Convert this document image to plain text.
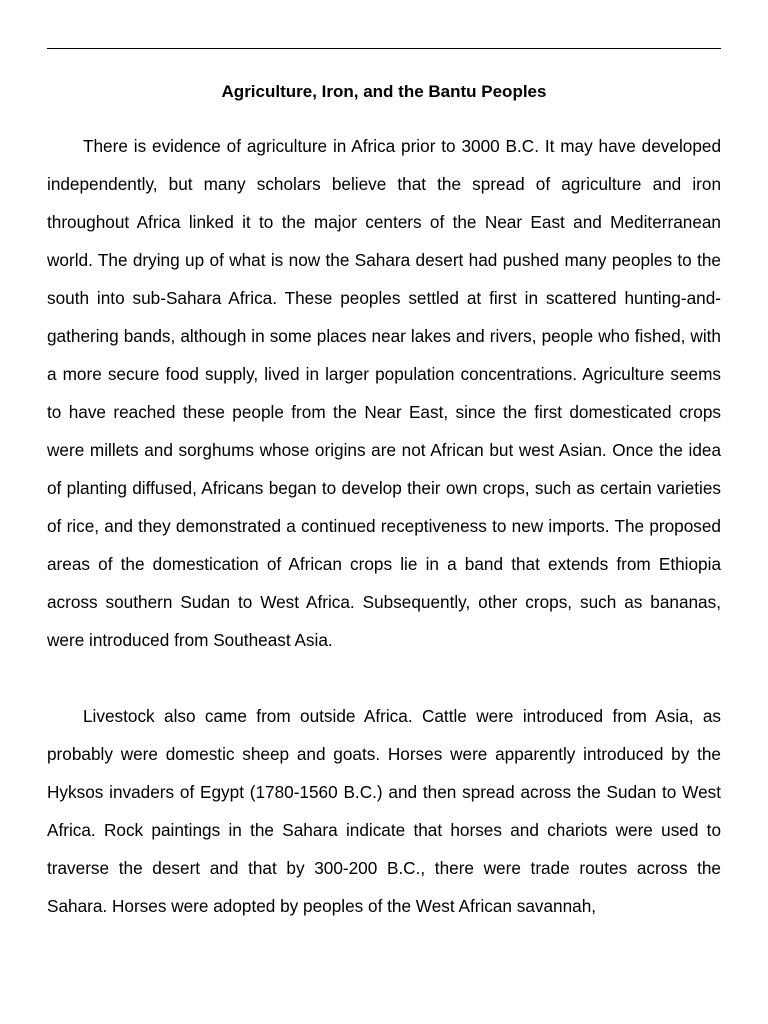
Agriculture, Iron, and the Bantu Peoples

There is evidence of agriculture in Africa prior to 3000 B.C. It may have developed independently, but many scholars believe that the spread of agriculture and iron throughout Africa linked it to the major centers of the Near East and Mediterranean world. The drying up of what is now the Sahara desert had pushed many peoples to the south into sub-Sahara Africa. These peoples settled at first in scattered hunting-and-gathering bands, although in some places near lakes and rivers, people who fished, with a more secure food supply, lived in larger population concentrations. Agriculture seems to have reached these people from the Near East, since the first domesticated crops were millets and sorghums whose origins are not African but west Asian. Once the idea of planting diffused, Africans began to develop their own crops, such as certain varieties of rice, and they demonstrated a continued receptiveness to new imports. The proposed areas of the domestication of African crops lie in a band that extends from Ethiopia across southern Sudan to West Africa. Subsequently, other crops, such as bananas, were introduced from Southeast Asia.

Livestock also came from outside Africa. Cattle were introduced from Asia, as probably were domestic sheep and goats. Horses were apparently introduced by the Hyksos invaders of Egypt (1780-1560 B.C.) and then spread across the Sudan to West Africa. Rock paintings in the Sahara indicate that horses and chariots were used to traverse the desert and that by 300-200 B.C., there were trade routes across the Sahara. Horses were adopted by peoples of the West African savannah,
